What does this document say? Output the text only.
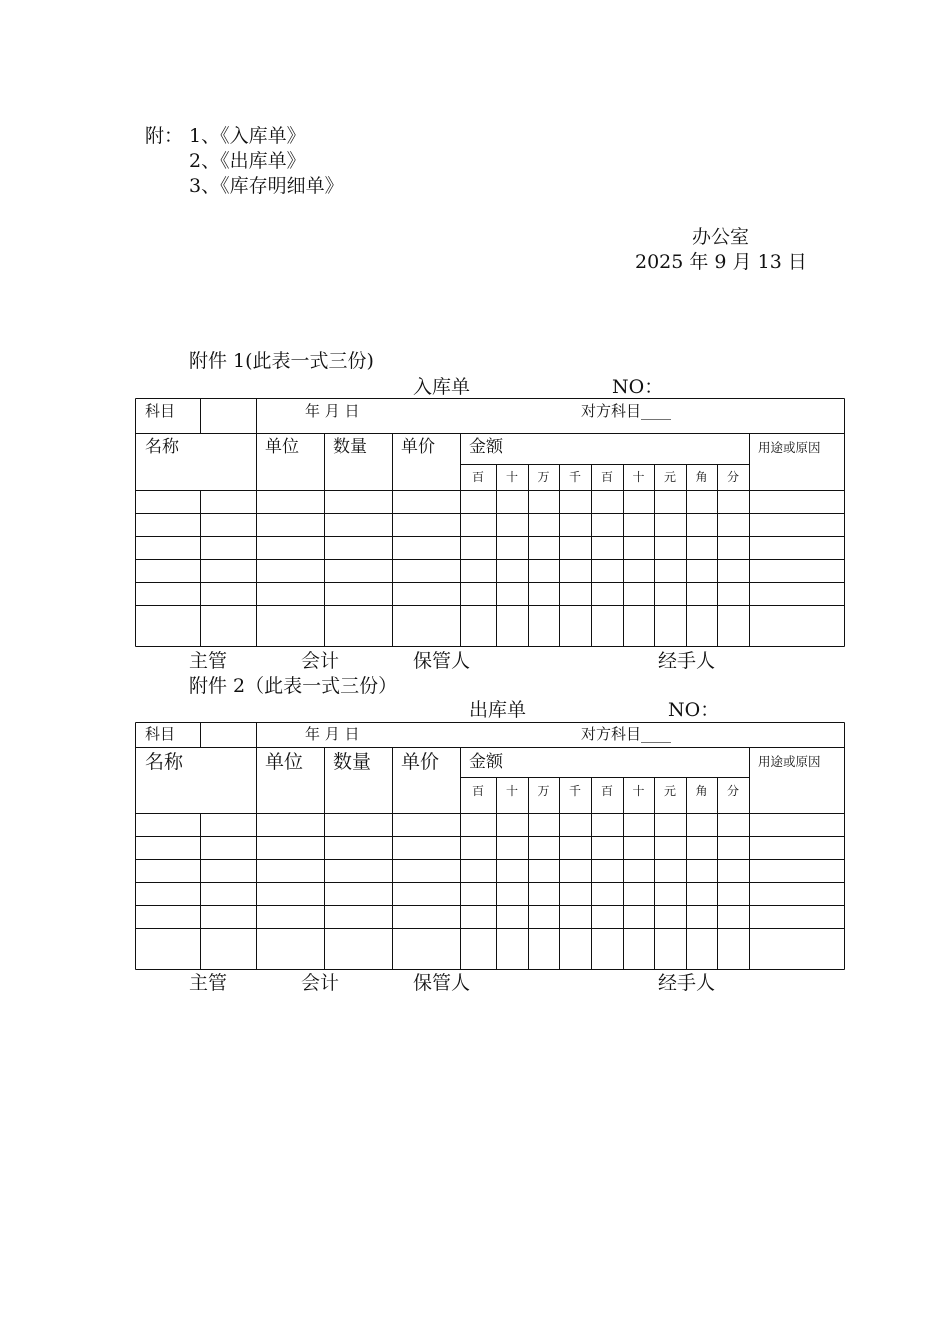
附： 1、《入库单》
2、《出库单》
3、《库存明细单》
办公室
2025 年 9 月 13 日
附件 1(此表一式三份)
入库单	NO：
科目	年 月 日	对方科目____
名称	单位 数量 单价 金额	用途或原因
百	十	万	千	百	十	元	角	分
主管	会计	保管人	经手人
附件 2（此表一式三份）
出库单	NO：
科目	年 月 日	对方科目____
名称	单位 数量 单价 金额	用途或原因
百	十	万	千	百	十	元	角	分
主管	会计	保管人	经手人
